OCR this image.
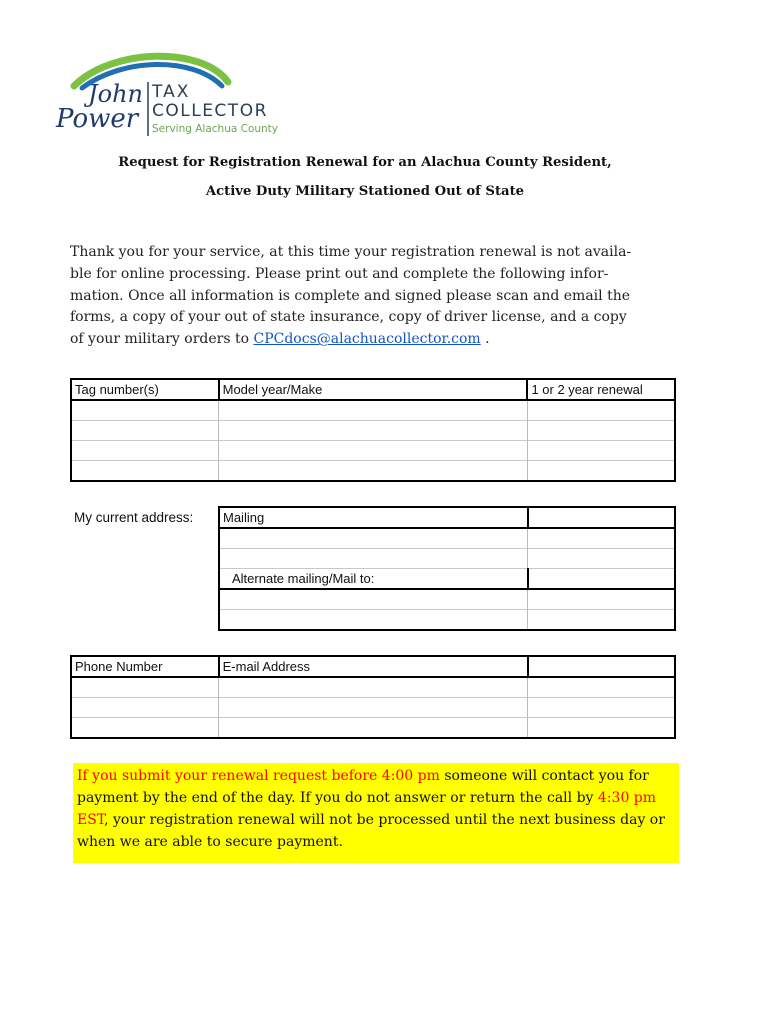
John
Power
TAX
COLLECTOR
Serving Alachua County
Request for Registration Renewal for an Alachua County Resident,
Active Duty Military Stationed Out of State
Thank you for your service, at this time your registration renewal is not availa-
ble for online processing. Please print out and complete the following infor-
mation. Once all information is complete and signed please scan and email the
forms, a copy of your out of state insurance, copy of driver license, and a copy
of your military orders to CPCdocs@alachuacollector.com .
Tag number(s)	Model year/Make	1 or 2 year renewal

My current address: Mailing	

Alternate mailing/Mail to:	

Phone Number	E-mail Address	

If you submit your renewal request before 4:00 pm someone will contact you for payment by the end of the day. If you do not answer or return the call by 4:30 pm EST, your registration renewal will not be processed until the next business day or when we are able to secure payment.
